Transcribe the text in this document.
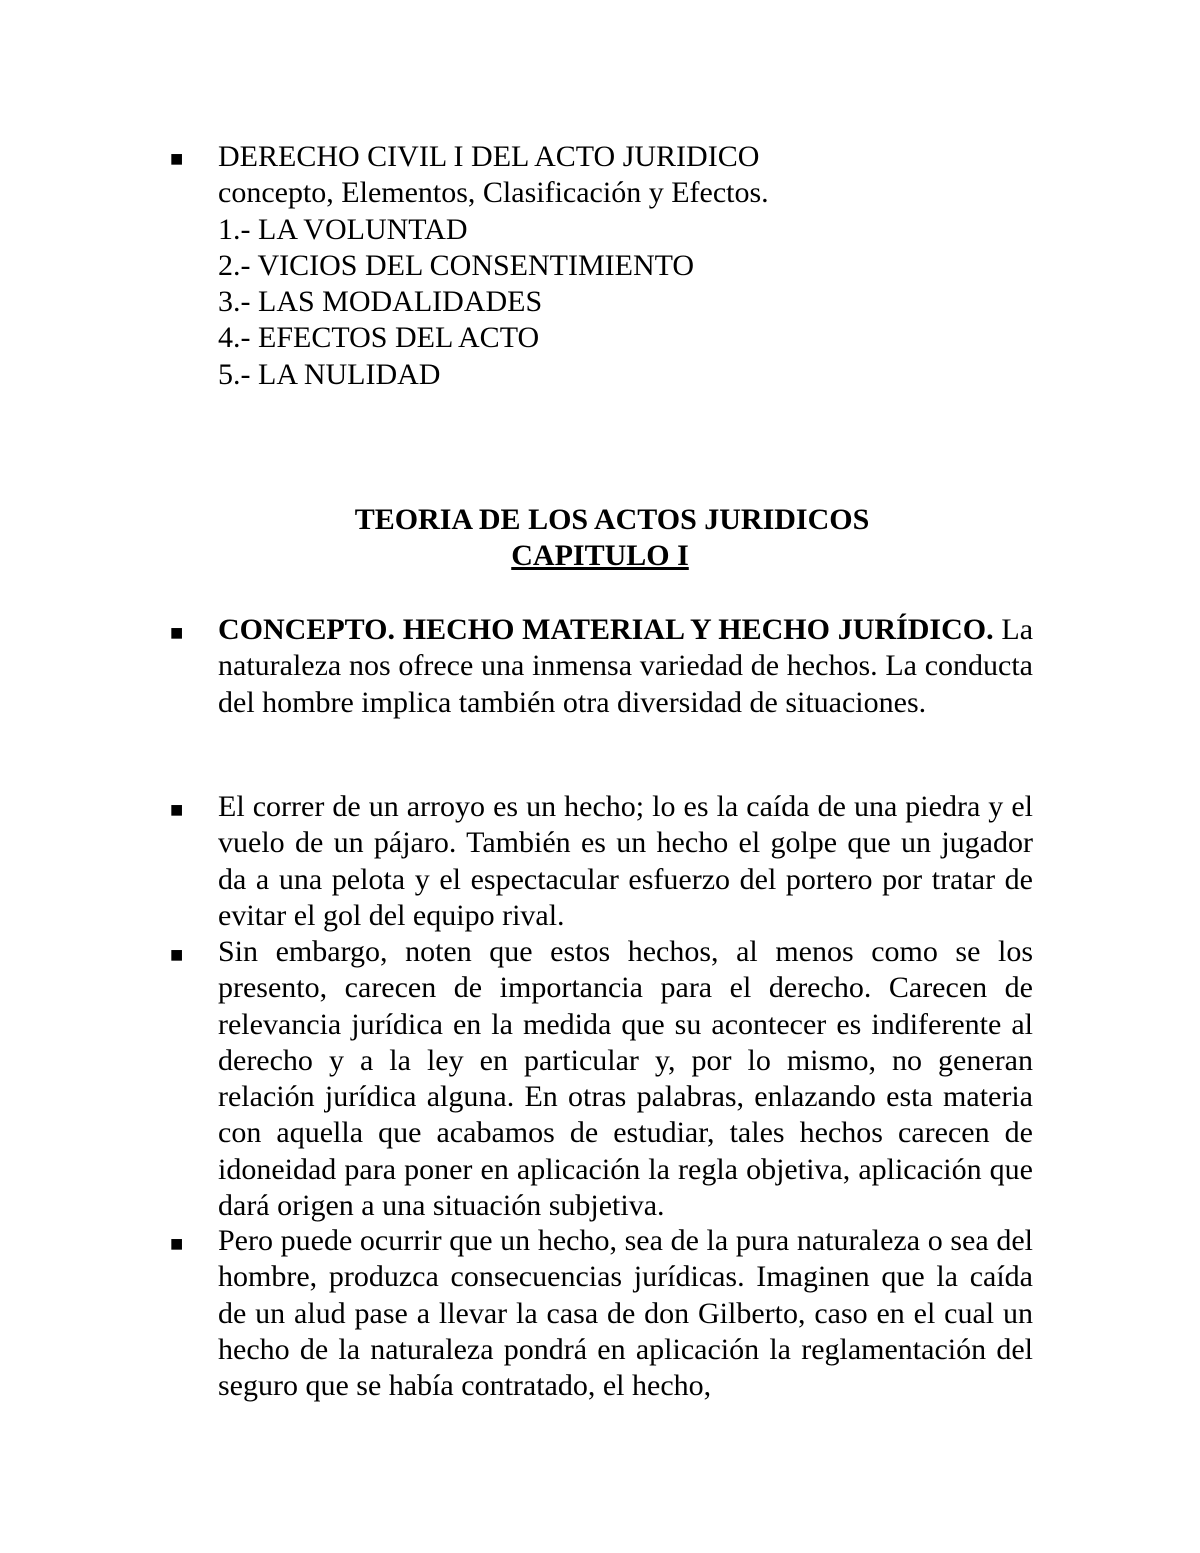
■ DERECHO CIVIL I DEL ACTO JURIDICO
concepto, Elementos, Clasificación y Efectos.
1.- LA VOLUNTAD
2.- VICIOS DEL CONSENTIMIENTO
3.- LAS MODALIDADES
4.- EFECTOS DEL ACTO
5.- LA NULIDAD
TEORIA DE LOS ACTOS JURIDICOS
CAPITULO I
■ CONCEPTO. HECHO MATERIAL Y HECHO JURÍDICO. La naturaleza nos ofrece una inmensa variedad de hechos. La conducta del hombre implica también otra diversidad de situaciones.
■ El correr de un arroyo es un hecho; lo es la caída de una piedra y el vuelo de un pájaro. También es un hecho el golpe que un jugador da a una pelota y el espectacular esfuerzo del portero por tratar de evitar el gol del equipo rival.
■ Sin embargo, noten que estos hechos, al menos como se los presento, carecen de importancia para el derecho. Carecen de relevancia jurídica en la medida que su acontecer es indiferente al derecho y a la ley en particular y, por lo mismo, no generan relación jurídica alguna. En otras palabras, enlazando esta materia con aquella que acabamos de estudiar, tales hechos carecen de idoneidad para poner en aplicación la regla objetiva, aplicación que dará origen a una situación subjetiva.
■ Pero puede ocurrir que un hecho, sea de la pura naturaleza o sea del hombre, produzca consecuencias jurídicas. Imaginen que la caída de un alud pase a llevar la casa de don Gilberto, caso en el cual un hecho de la naturaleza pondrá en aplicación la reglamentación del seguro que se había contratado, el hecho,
